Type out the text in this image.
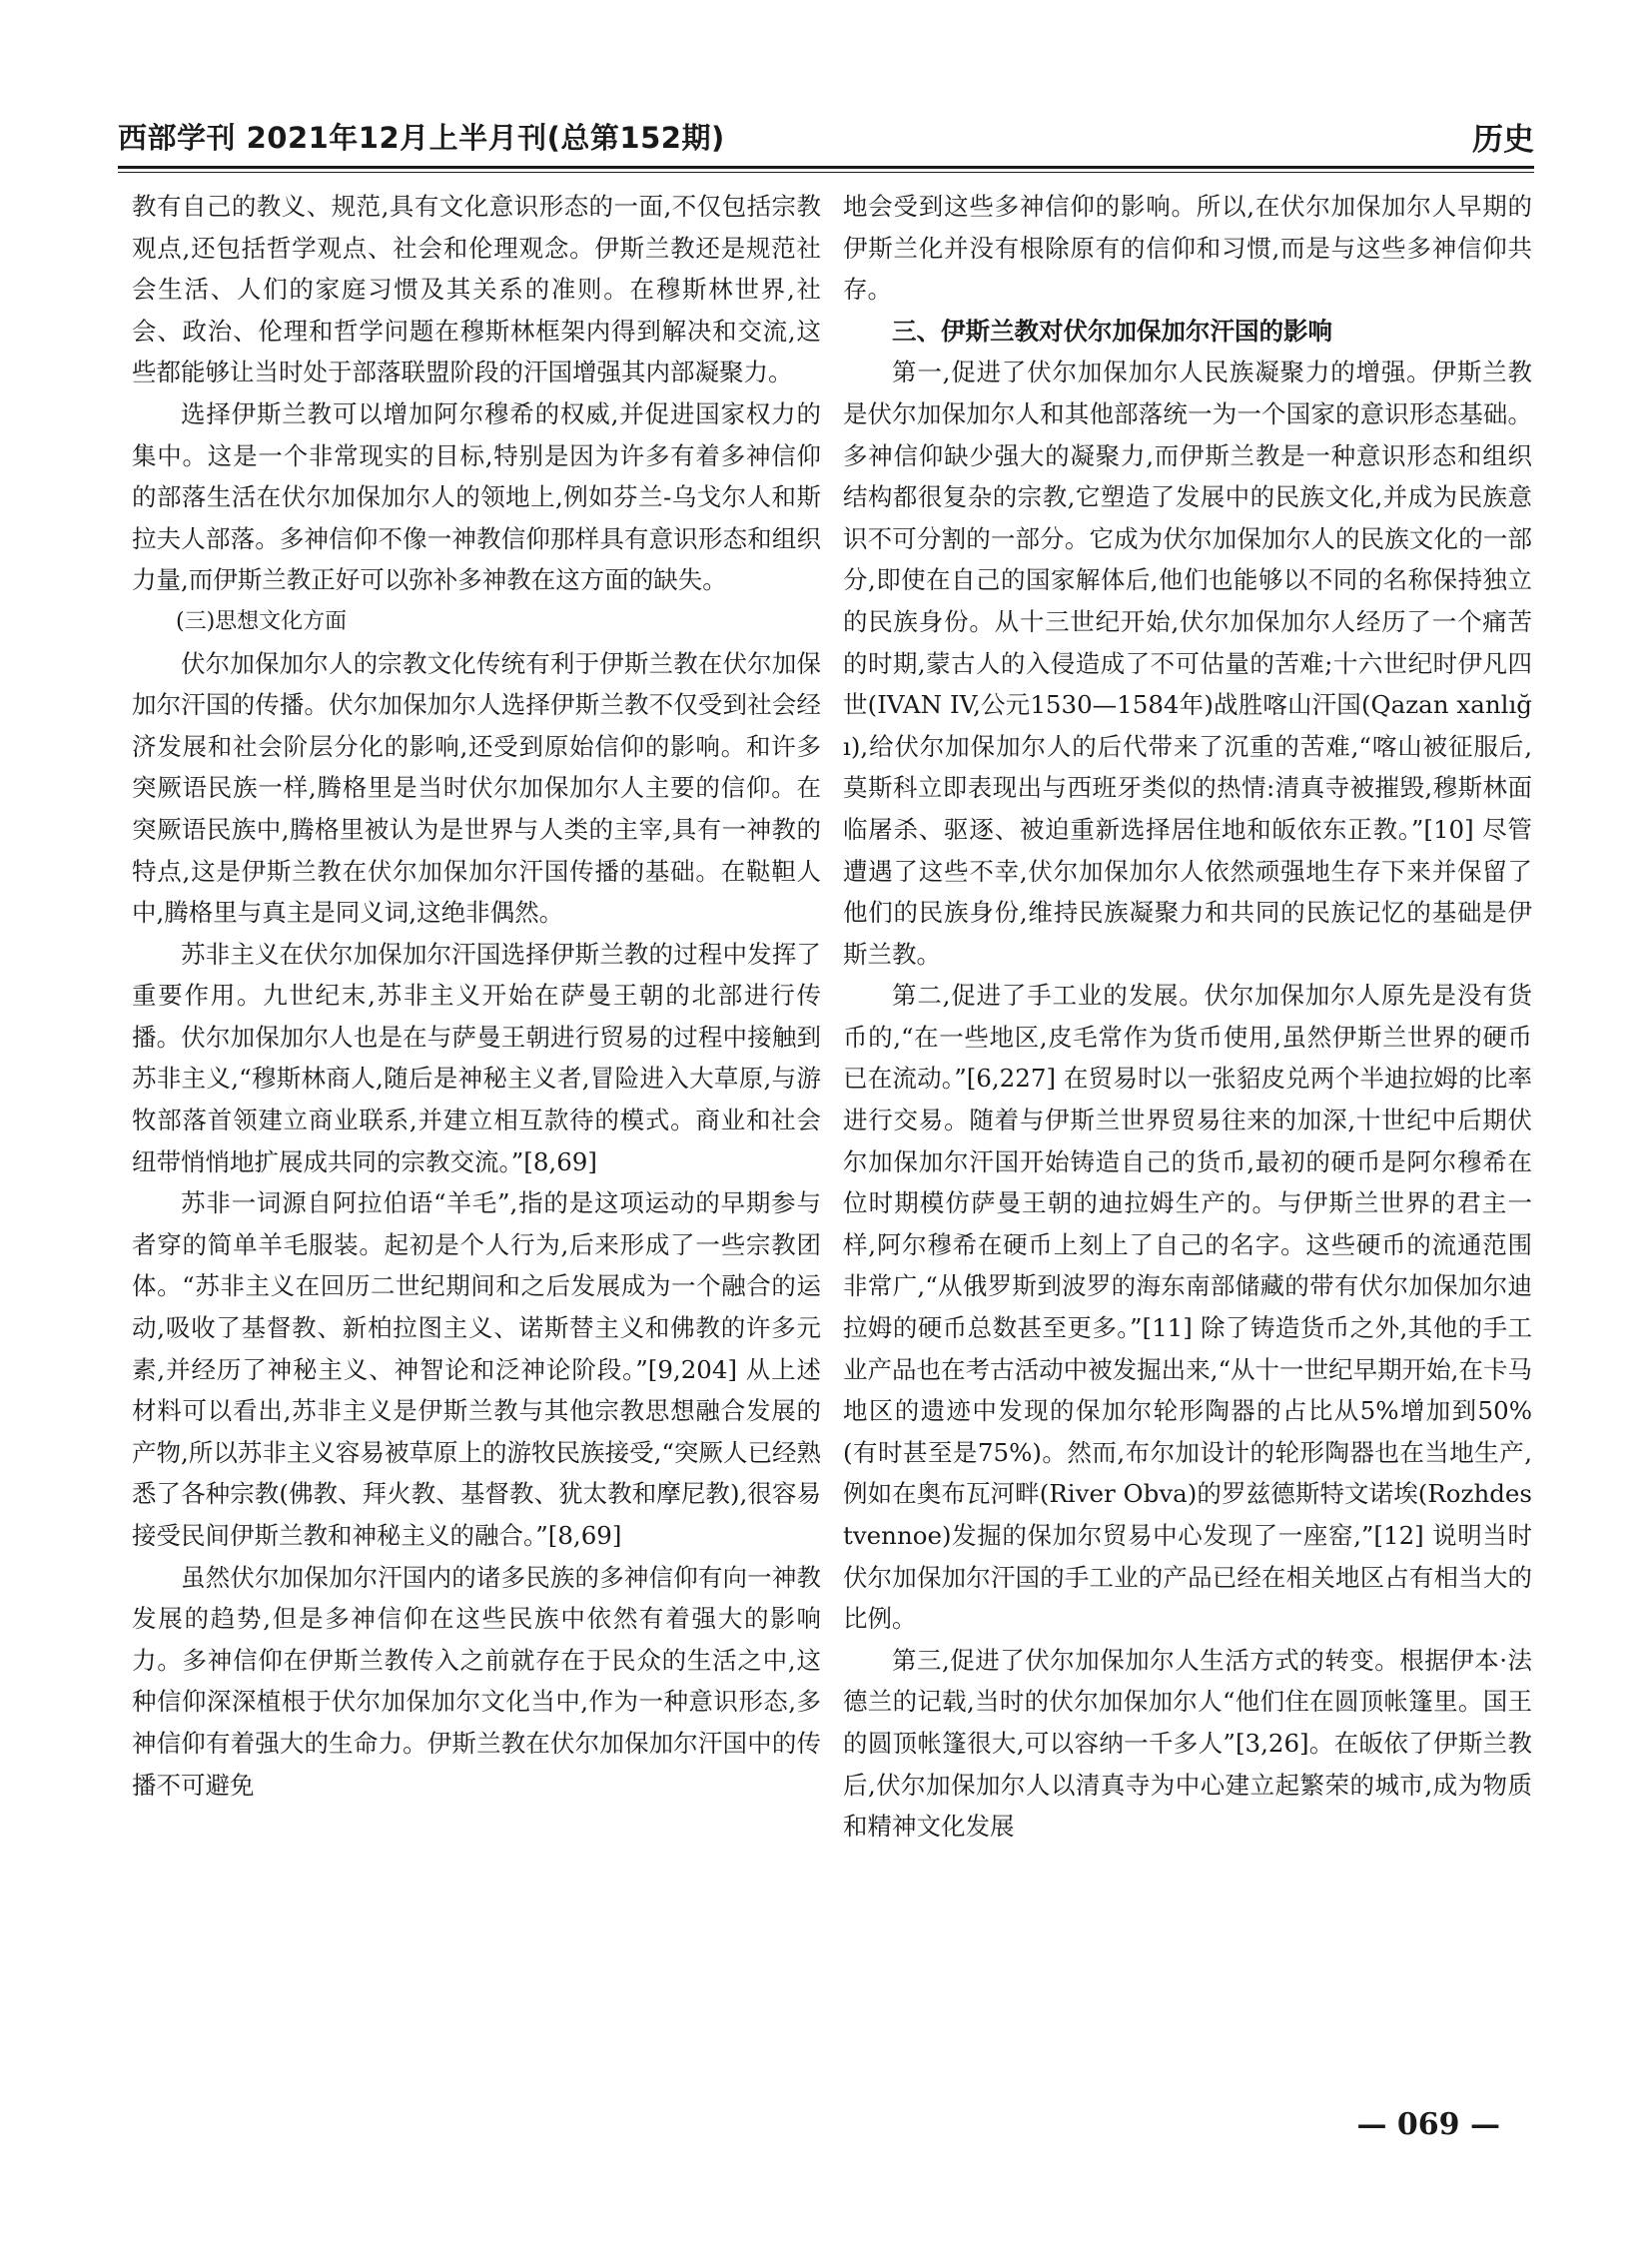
西部学刊 2021年12月上半月刊(总第152期)	历史

教有自己的教义、规范,具有文化意识形态的一面,不仅包括宗教观点,还包括哲学观点、社会和伦理观念。伊斯兰教还是规范社会生活、人们的家庭习惯及其关系的准则。在穆斯林世界,社会、政治、伦理和哲学问题在穆斯林框架内得到解决和交流,这些都能够让当时处于部落联盟阶段的汗国增强其内部凝聚力。

选择伊斯兰教可以增加阿尔穆希的权威,并促进国家权力的集中。这是一个非常现实的目标,特别是因为许多有着多神信仰的部落生活在伏尔加保加尔人的领地上,例如芬兰-乌戈尔人和斯拉夫人部落。多神信仰不像一神教信仰那样具有意识形态和组织力量,而伊斯兰教正好可以弥补多神教在这方面的缺失。

(三)思想文化方面

伏尔加保加尔人的宗教文化传统有利于伊斯兰教在伏尔加保加尔汗国的传播。伏尔加保加尔人选择伊斯兰教不仅受到社会经济发展和社会阶层分化的影响,还受到原始信仰的影响。和许多突厥语民族一样,腾格里是当时伏尔加保加尔人主要的信仰。在突厥语民族中,腾格里被认为是世界与人类的主宰,具有一神教的特点,这是伊斯兰教在伏尔加保加尔汗国传播的基础。在鞑靼人中,腾格里与真主是同义词,这绝非偶然。

苏非主义在伏尔加保加尔汗国选择伊斯兰教的过程中发挥了重要作用。九世纪末,苏非主义开始在萨曼王朝的北部进行传播。伏尔加保加尔人也是在与萨曼王朝进行贸易的过程中接触到苏非主义,“穆斯林商人,随后是神秘主义者,冒险进入大草原,与游牧部落首领建立商业联系,并建立相互款待的模式。商业和社会纽带悄悄地扩展成共同的宗教交流。”[8,69]

苏非一词源自阿拉伯语“羊毛”,指的是这项运动的早期参与者穿的简单羊毛服装。起初是个人行为,后来形成了一些宗教团体。“苏非主义在回历二世纪期间和之后发展成为一个融合的运动,吸收了基督教、新柏拉图主义、诺斯替主义和佛教的许多元素,并经历了神秘主义、神智论和泛神论阶段。”[9,204] 从上述材料可以看出,苏非主义是伊斯兰教与其他宗教思想融合发展的产物,所以苏非主义容易被草原上的游牧民族接受,“突厥人已经熟悉了各种宗教(佛教、拜火教、基督教、犹太教和摩尼教),很容易接受民间伊斯兰教和神秘主义的融合。”[8,69]

虽然伏尔加保加尔汗国内的诸多民族的多神信仰有向一神教发展的趋势,但是多神信仰在这些民族中依然有着强大的影响力。多神信仰在伊斯兰教传入之前就存在于民众的生活之中,这种信仰深深植根于伏尔加保加尔文化当中,作为一种意识形态,多神信仰有着强大的生命力。伊斯兰教在伏尔加保加尔汗国中的传播不可避免

地会受到这些多神信仰的影响。所以,在伏尔加保加尔人早期的伊斯兰化并没有根除原有的信仰和习惯,而是与这些多神信仰共存。

三、伊斯兰教对伏尔加保加尔汗国的影响

第一,促进了伏尔加保加尔人民族凝聚力的增强。伊斯兰教是伏尔加保加尔人和其他部落统一为一个国家的意识形态基础。多神信仰缺少强大的凝聚力,而伊斯兰教是一种意识形态和组织结构都很复杂的宗教,它塑造了发展中的民族文化,并成为民族意识不可分割的一部分。它成为伏尔加保加尔人的民族文化的一部分,即使在自己的国家解体后,他们也能够以不同的名称保持独立的民族身份。从十三世纪开始,伏尔加保加尔人经历了一个痛苦的时期,蒙古人的入侵造成了不可估量的苦难;十六世纪时伊凡四世(IVAN IV,公元1530—1584年)战胜喀山汗国(Qazan xanlığı),给伏尔加保加尔人的后代带来了沉重的苦难,“喀山被征服后,莫斯科立即表现出与西班牙类似的热情:清真寺被摧毁,穆斯林面临屠杀、驱逐、被迫重新选择居住地和皈依东正教。”[10] 尽管遭遇了这些不幸,伏尔加保加尔人依然顽强地生存下来并保留了他们的民族身份,维持民族凝聚力和共同的民族记忆的基础是伊斯兰教。

第二,促进了手工业的发展。伏尔加保加尔人原先是没有货币的,“在一些地区,皮毛常作为货币使用,虽然伊斯兰世界的硬币已在流动。”[6,227] 在贸易时以一张貂皮兑两个半迪拉姆的比率进行交易。随着与伊斯兰世界贸易往来的加深,十世纪中后期伏尔加保加尔汗国开始铸造自己的货币,最初的硬币是阿尔穆希在位时期模仿萨曼王朝的迪拉姆生产的。与伊斯兰世界的君主一样,阿尔穆希在硬币上刻上了自己的名字。这些硬币的流通范围非常广,“从俄罗斯到波罗的海东南部储藏的带有伏尔加保加尔迪拉姆的硬币总数甚至更多。”[11] 除了铸造货币之外,其他的手工业产品也在考古活动中被发掘出来,“从十一世纪早期开始,在卡马地区的遗迹中发现的保加尔轮形陶器的占比从5%增加到50%(有时甚至是75%)。然而,布尔加设计的轮形陶器也在当地生产,例如在奥布瓦河畔(River Obva)的罗兹德斯特文诺埃(Rozhdestvennoe)发掘的保加尔贸易中心发现了一座窑,”[12] 说明当时伏尔加保加尔汗国的手工业的产品已经在相关地区占有相当大的比例。

第三,促进了伏尔加保加尔人生活方式的转变。根据伊本·法德兰的记载,当时的伏尔加保加尔人“他们住在圆顶帐篷里。国王的圆顶帐篷很大,可以容纳一千多人”[3,26]。在皈依了伊斯兰教后,伏尔加保加尔人以清真寺为中心建立起繁荣的城市,成为物质和精神文化发展

— 069 —
